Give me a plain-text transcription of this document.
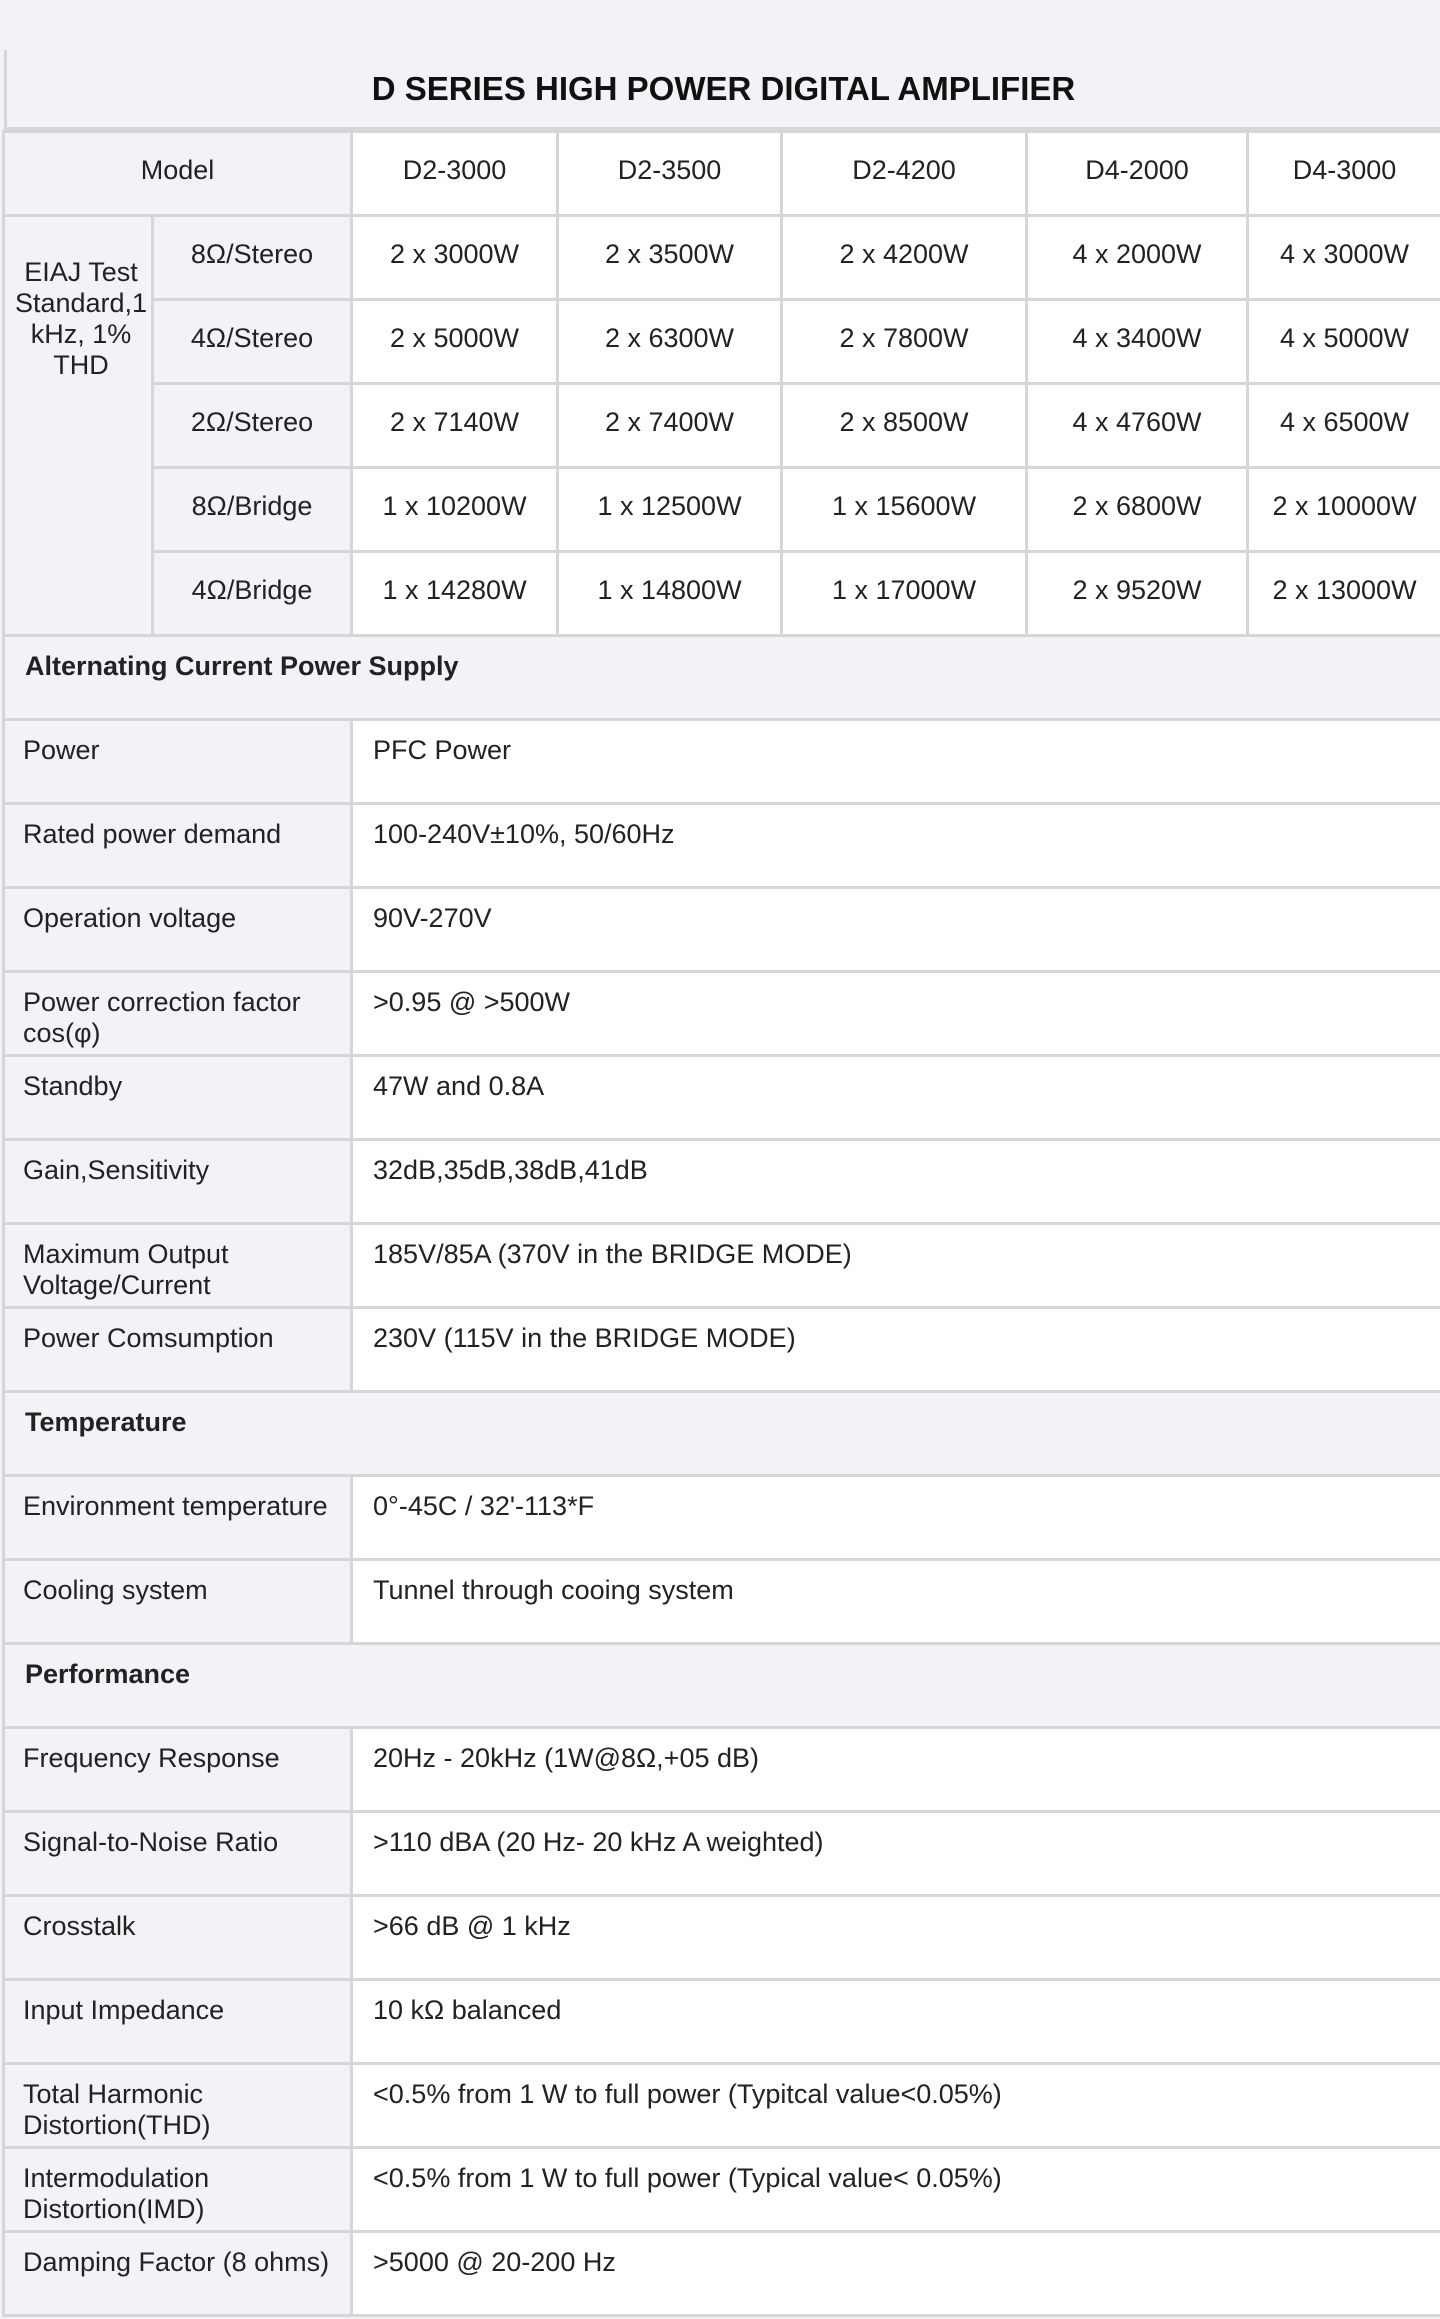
D SERIES HIGH POWER DIGITAL AMPLIFIER
Model		D2-3000	D2-3500	D2-4200	D4-2000	D4-3000
EIAJ Test Standard,1 kHz, 1% THD	8Ω/Stereo	2 x 3000W	2 x 3500W	2 x 4200W	4 x 2000W	4 x 3000W
	4Ω/Stereo	2 x 5000W	2 x 6300W	2 x 7800W	4 x 3400W	4 x 5000W
	2Ω/Stereo	2 x 7140W	2 x 7400W	2 x 8500W	4 x 4760W	4 x 6500W
	8Ω/Bridge	1 x 10200W	1 x 12500W	1 x 15600W	2 x 6800W	2 x 10000W
	4Ω/Bridge	1 x 14280W	1 x 14800W	1 x 17000W	2 x 9520W	2 x 13000W
Alternating Current Power Supply						
Power		PFC Power				
Rated power demand		100-240V±10%, 50/60Hz				
Operation voltage		90V-270V				
Power correction factor cos(φ)		>0.95 @ >500W				
Standby		47W and 0.8A				
Gain,Sensitivity		32dB,35dB,38dB,41dB				
Maximum Output Voltage/Current		185V/85A (370V in the BRIDGE MODE)				
Power Comsumption		230V (115V in the BRIDGE MODE)				
Temperature						
Environment temperature		0°-45C / 32'-113*F				
Cooling system		Tunnel through cooing system				
Performance						
Frequency Response		20Hz - 20kHz (1W@8Ω,+05 dB)				
Signal-to-Noise Ratio		>110 dBA (20 Hz- 20 kHz A weighted)				
Crosstalk		>66 dB @ 1 kHz				
Input Impedance		10 kΩ balanced				
Total Harmonic Distortion(THD)		<0.5% from 1 W to full power (Typitcal value<0.05%)				
Intermodulation Distortion(IMD)		<0.5% from 1 W to full power (Typical value< 0.05%)				
Damping Factor (8 ohms)		>5000 @ 20-200 Hz				
